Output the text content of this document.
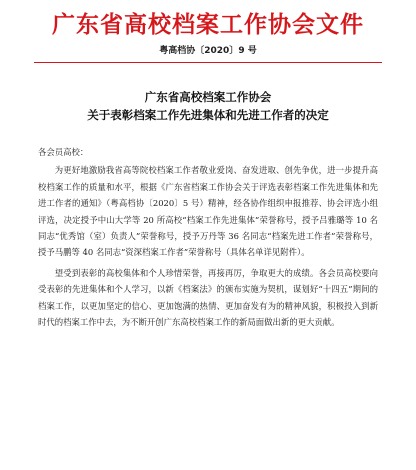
广东省高校档案工作协会文件
粤高档协〔2020〕9 号
广东省高校档案工作协会
关于表彰档案工作先进集体和先进工作者的决定

各会员高校：

为更好地激励我省高等院校档案工作者敬业爱岗、奋发进取、创先争优，进一步提升高校档案工作的质量和水平，根据《广东省档案工作协会关于评选表彰档案工作先进集体和先进工作者的通知》（粤高档协〔2020〕5 号）精神，经各协作组织申报推荐、协会评选小组评选，决定授予中山大学等 20 所高校“档案工作先进集体”荣誉称号，授予吕雅璐等 10 名同志“优秀馆（室）负责人”荣誉称号，授予万丹等 36 名同志“档案先进工作者”荣誉称号，授予马鹏等 40 名同志“资深档案工作者”荣誉称号（具体名单详见附件）。

望受到表彰的高校集体和个人珍惜荣誉，再接再厉，争取更大的成绩。各会员高校要向受表彰的先进集体和个人学习，以新《档案法》的颁布实施为契机，谋划好“十四五”期间的档案工作，以更加坚定的信心、更加饱满的热情、更加奋发有为的精神风貌，积极投入到新时代的档案工作中去，为不断开创广东高校档案工作的新局面做出新的更大贡献。
